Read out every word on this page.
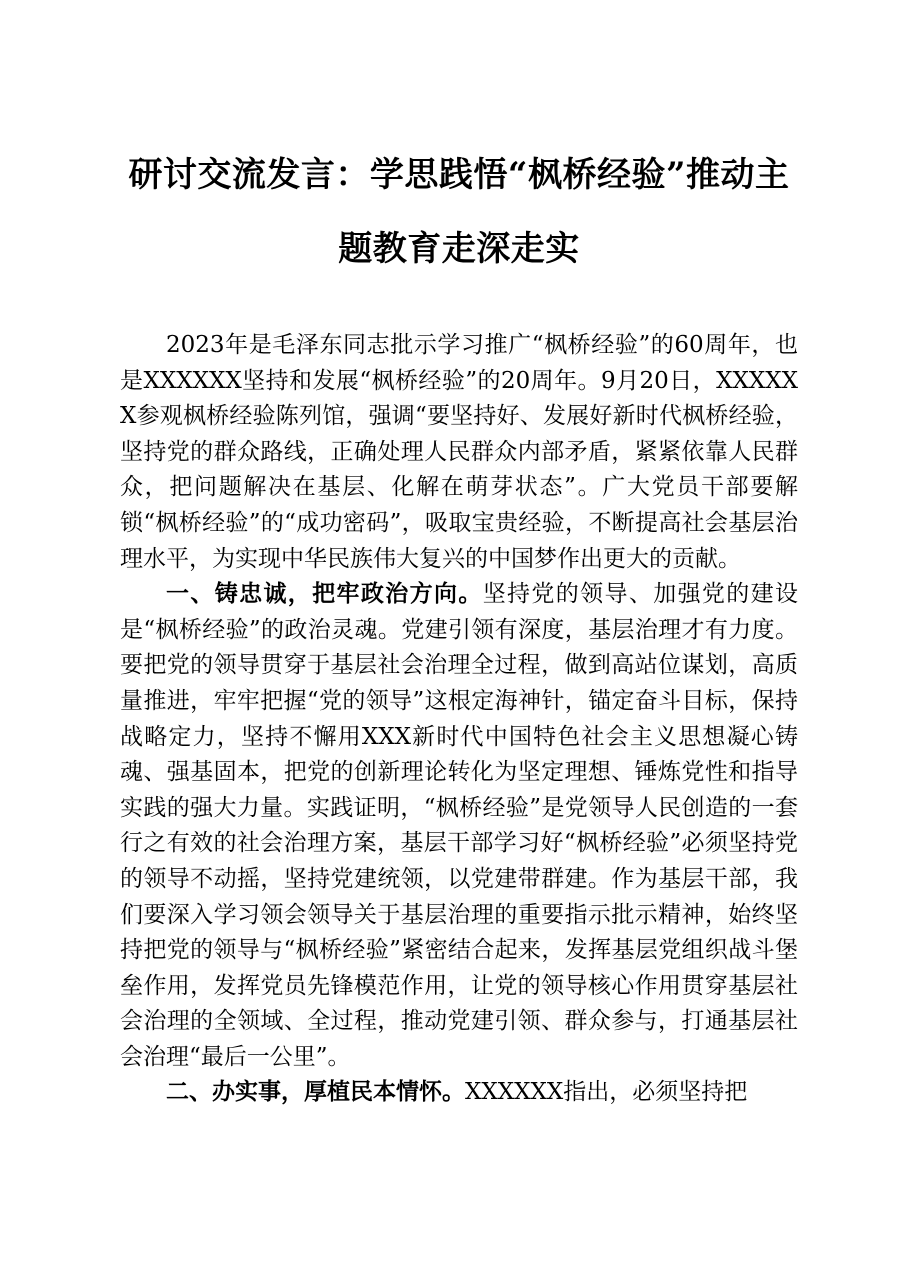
研讨交流发言：学思践悟“枫桥经验”推动主
题教育走深走实

2023年是毛泽东同志批示学习推广“枫桥经验”的60周年，也是XXXXXX坚持和发展“枫桥经验”的20周年。9月20日，XXXXXX参观枫桥经验陈列馆，强调“要坚持好、发展好新时代枫桥经验，坚持党的群众路线，正确处理人民群众内部矛盾，紧紧依靠人民群众，把问题解决在基层、化解在萌芽状态”。广大党员干部要解锁“枫桥经验”的“成功密码”，吸取宝贵经验，不断提高社会基层治理水平，为实现中华民族伟大复兴的中国梦作出更大的贡献。

一、铸忠诚，把牢政治方向。坚持党的领导、加强党的建设是“枫桥经验”的政治灵魂。党建引领有深度，基层治理才有力度。要把党的领导贯穿于基层社会治理全过程，做到高站位谋划，高质量推进，牢牢把握“党的领导”这根定海神针，锚定奋斗目标，保持战略定力，坚持不懈用XXX新时代中国特色社会主义思想凝心铸魂、强基固本，把党的创新理论转化为坚定理想、锤炼党性和指导实践的强大力量。实践证明，“枫桥经验”是党领导人民创造的一套行之有效的社会治理方案，基层干部学习好“枫桥经验”必须坚持党的领导不动摇，坚持党建统领，以党建带群建。作为基层干部，我们要深入学习领会领导关于基层治理的重要指示批示精神，始终坚持把党的领导与“枫桥经验”紧密结合起来，发挥基层党组织战斗堡垒作用，发挥党员先锋模范作用，让党的领导核心作用贯穿基层社会治理的全领域、全过程，推动党建引领、群众参与，打通基层社会治理“最后一公里”。

二、办实事，厚植民本情怀。XXXXXX指出，必须坚持把
